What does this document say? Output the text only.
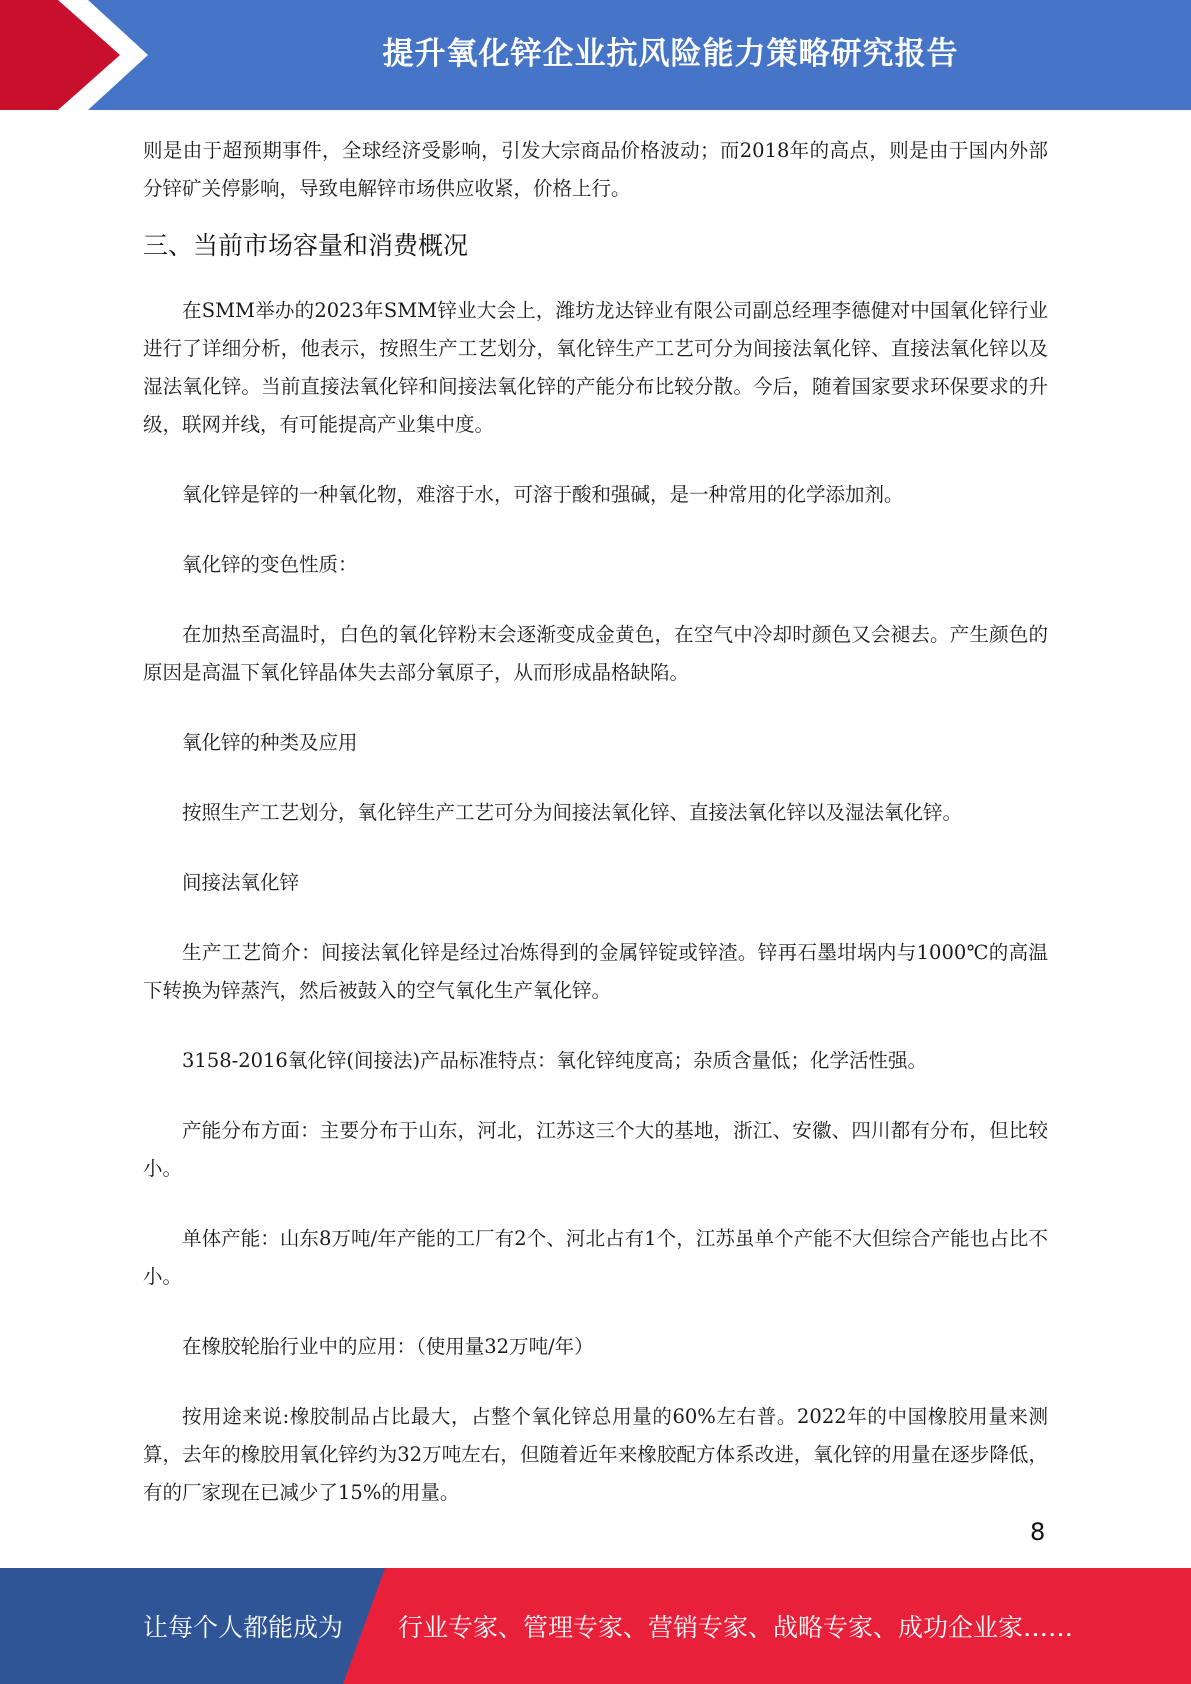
提升氧化锌企业抗风险能力策略研究报告

则是由于超预期事件，全球经济受影响，引发大宗商品价格波动；而2018年的高点，则是由于国内外部分锌矿关停影响，导致电解锌市场供应收紧，价格上行。

三、当前市场容量和消费概况

在SMM举办的2023年SMM锌业大会上，潍坊龙达锌业有限公司副总经理李德健对中国氧化锌行业进行了详细分析，他表示，按照生产工艺划分，氧化锌生产工艺可分为间接法氧化锌、直接法氧化锌以及湿法氧化锌。当前直接法氧化锌和间接法氧化锌的产能分布比较分散。今后，随着国家要求环保要求的升级，联网并线，有可能提高产业集中度。

氧化锌是锌的一种氧化物，难溶于水，可溶于酸和强碱，是一种常用的化学添加剂。

氧化锌的变色性质：

在加热至高温时，白色的氧化锌粉末会逐渐变成金黄色，在空气中冷却时颜色又会褪去。产生颜色的原因是高温下氧化锌晶体失去部分氧原子，从而形成晶格缺陷。

氧化锌的种类及应用

按照生产工艺划分，氧化锌生产工艺可分为间接法氧化锌、直接法氧化锌以及湿法氧化锌。

间接法氧化锌

生产工艺简介：间接法氧化锌是经过冶炼得到的金属锌锭或锌渣。锌再石墨坩埚内与1000℃的高温下转换为锌蒸汽，然后被鼓入的空气氧化生产氧化锌。

3158-2016氧化锌(间接法)产品标准特点：氧化锌纯度高；杂质含量低；化学活性强。

产能分布方面：主要分布于山东，河北，江苏这三个大的基地，浙江、安徽、四川都有分布，但比较小。

单体产能：山东8万吨/年产能的工厂有2个、河北占有1个，江苏虽单个产能不大但综合产能也占比不小。

在橡胶轮胎行业中的应用：（使用量32万吨/年）

按用途来说:橡胶制品占比最大，占整个氧化锌总用量的60%左右普。2022年的中国橡胶用量来测算，去年的橡胶用氧化锌约为32万吨左右，但随着近年来橡胶配方体系改进，氧化锌的用量在逐步降低，有的厂家现在已减少了15%的用量。

8
让每个人都能成为 行业专家、管理专家、营销专家、战略专家、成功企业家……
